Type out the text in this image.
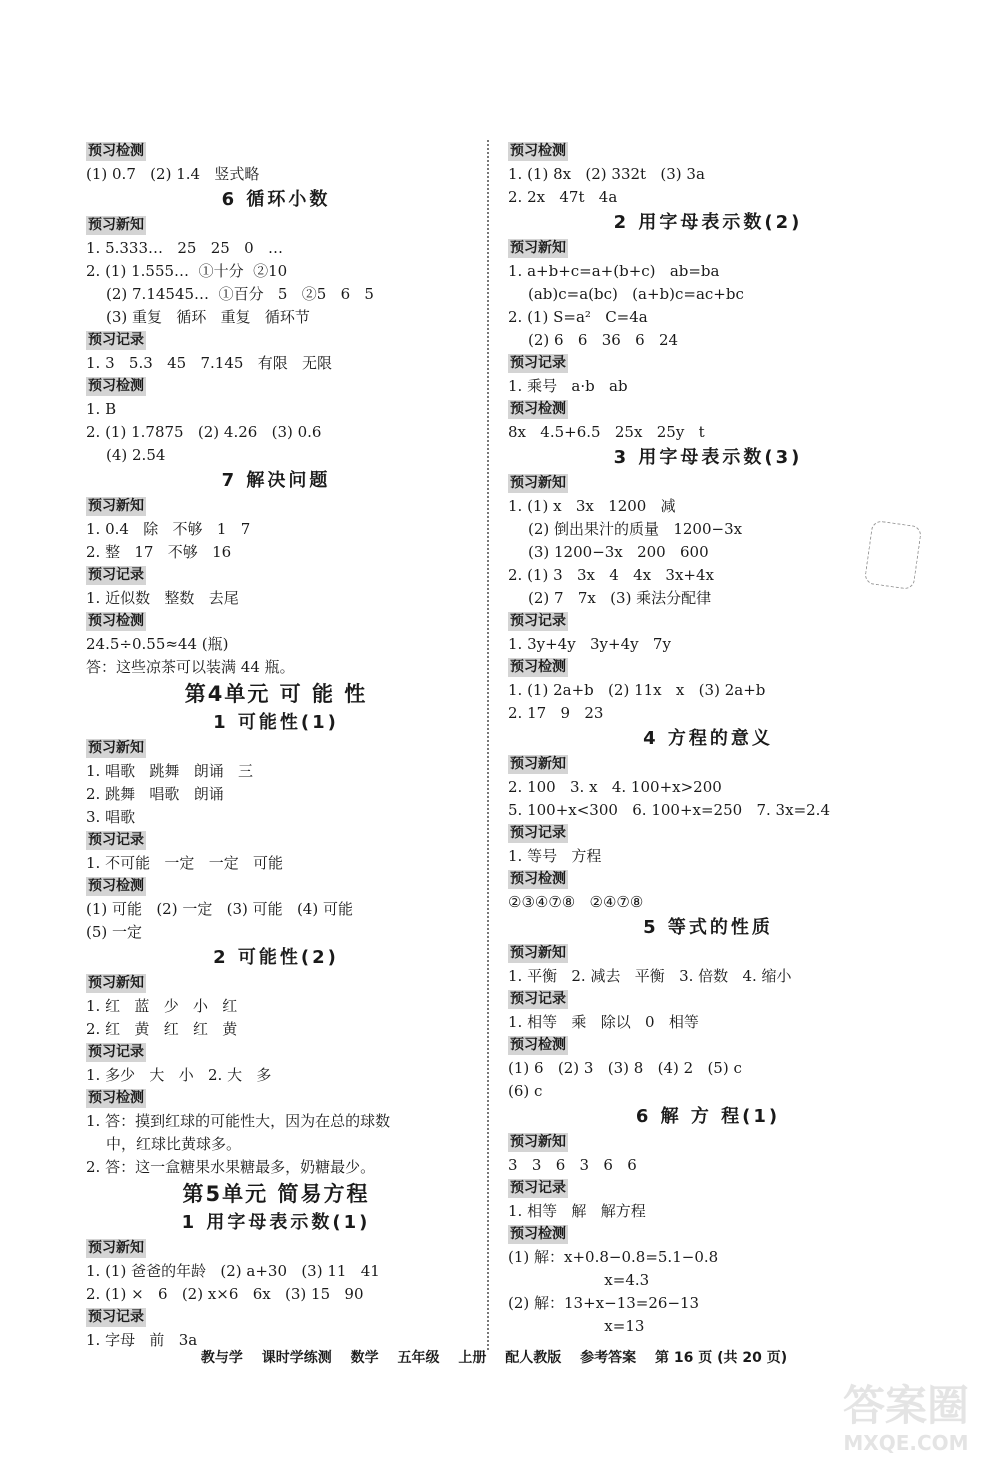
预习检测
(1) 0.7   (2) 1.4   竖式略
6 循环小数
预习新知
1. 5.333…   25   25   0   …
2. (1) 1.555…  ①十分  ②10
(2) 7.14545…  ①百分   5   ②5   6   5
(3) 重复   循环   重复   循环节
预习记录
1. 3   5.3   45   7.145   有限   无限
预习检测
1. B
2. (1) 1.7875   (2) 4.26   (3) 0.6
(4) 2.54
7 解决问题
预习新知
1. 0.4   除   不够   1   7
2. 整   17   不够   16
预习记录
1. 近似数   整数   去尾
预习检测
24.5÷0.55≈44 (瓶)
答：这些凉茶可以装满 44 瓶。
第4单元 可 能 性
1 可能性(1)
预习新知
1. 唱歌   跳舞   朗诵   三
2. 跳舞   唱歌   朗诵
3. 唱歌
预习记录
1. 不可能   一定   一定   可能
预习检测
(1) 可能   (2) 一定   (3) 可能   (4) 可能
(5) 一定
2 可能性(2)
预习新知
1. 红   蓝   少   小   红
2. 红   黄   红   红   黄
预习记录
1. 多少   大   小   2. 大   多
预习检测
1. 答：摸到红球的可能性大，因为在总的球数
中，红球比黄球多。
2. 答：这一盒糖果水果糖最多，奶糖最少。
第5单元 简易方程
1 用字母表示数(1)
预习新知
1. (1) 爸爸的年龄   (2) a+30   (3) 11   41
2. (1) ×   6   (2) x×6   6x   (3) 15   90
预习记录
1. 字母   前   3a
预习检测
1. (1) 8x   (2) 332t   (3) 3a
2. 2x   47t   4a
2 用字母表示数(2)
预习新知
1. a+b+c=a+(b+c)   ab=ba
(ab)c=a(bc)   (a+b)c=ac+bc
2. (1) S=a²   C=4a
(2) 6   6   36   6   24
预习记录
1. 乘号   a·b   ab
预习检测
8x   4.5+6.5   25x   25y   t
3 用字母表示数(3)
预习新知
1. (1) x   3x   1200   减
(2) 倒出果汁的质量   1200−3x
(3) 1200−3x   200   600
2. (1) 3   3x   4   4x   3x+4x
(2) 7   7x   (3) 乘法分配律
预习记录
1. 3y+4y   3y+4y   7y
预习检测
1. (1) 2a+b   (2) 11x   x   (3) 2a+b
2. 17   9   23
4 方程的意义
预习新知
2. 100   3. x   4. 100+x>200
5. 100+x<300   6. 100+x=250   7. 3x=2.4
预习记录
1. 等号   方程
预习检测
②③④⑦⑧   ②④⑦⑧
5 等式的性质
预习新知
1. 平衡   2. 减去   平衡   3. 倍数   4. 缩小
预习记录
1. 相等   乘   除以   0   相等
预习检测
(1) 6   (2) 3   (3) 8   (4) 2   (5) c
(6) c
6 解 方 程(1)
预习新知
3   3   6   3   6   6
预习记录
1. 相等   解   解方程
预习检测
(1) 解：x+0.8−0.8=5.1−0.8
x=4.3
(2) 解：13+x−13=26−13
x=13
教与学 课时学练测 数学 五年级 上册 配人教版 参考答案 第 16 页 (共 20 页)
答案圈
MXQE.COM
